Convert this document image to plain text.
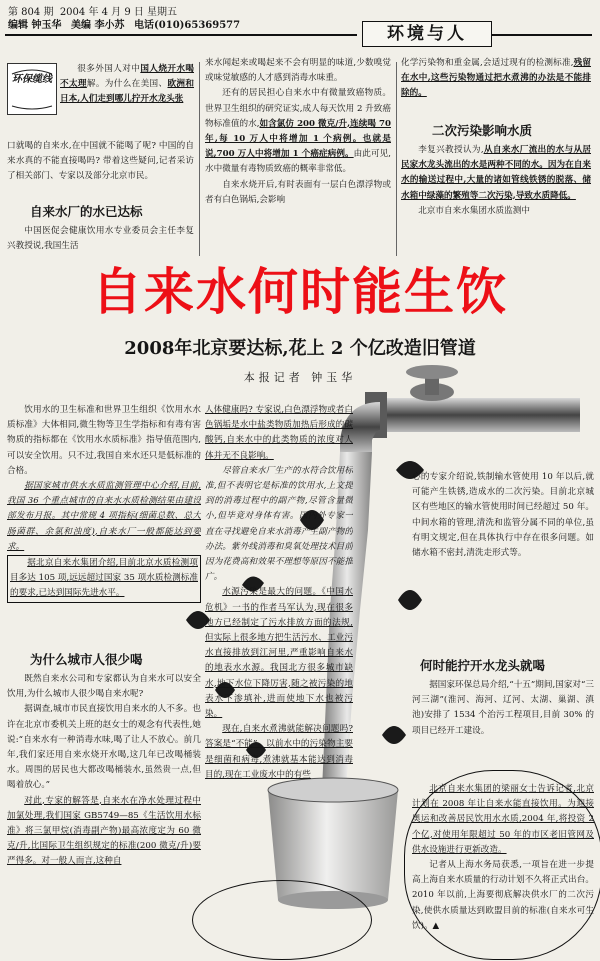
第 804 期 2004 年 4 月 9 日 星期五
编辑 钟玉华 美编 李小苏 电话(010)65369577	环境与人
环保缆线

很多外国人对中国人烧开水喝不太理解。为什么在美国、欧洲和日本,人们走到哪儿拧开水龙头张

口就喝的自来水,在中国就不能喝了呢? 中国的自来水真的不能直接喝吗? 带着这些疑问,记者采访了相关部门、专家以及部分北京市民。

自来水厂的水已达标

中国医促会健康饮用水专业委员会主任李复兴教授说,我国生活

来水闻起来或喝起来不会有明显的味道,少数嗅觉或味觉敏感的人才感到消毒水味重。

还有的居民担心自来水中有微量致癌物质。世界卫生组织的研究证实,成人每天饮用 2 升致癌物标准值的水,如含氯仿 200 微克/升,连续喝 70 年,每 10 万人中将增加 1 个病例。也就是说,700 万人中将增加 1 个癌症病例。由此可见,水中微量有毒物质致癌的概率非常低。

自来水烧开后,有时表面有一层白色漂浮物或者有白色锅垢,会影响

化学污染物和重金属,会适过现有的检测标准,残留在水中,这些污染物通过把水煮沸的办法是不能排除的。

二次污染影响水质

李复兴教授认为,从自来水厂流出的水与从居民家水龙头流出的水是两种不同的水。因为在自来水的输送过程中,大量的诸如管线铁锈的脱落、储水箱中绿藻的繁殖等二次污染,导致水质降低。

北京市自来水集团水质监测中

自来水何时能生饮
2008年北京要达标,花上 2 个亿改造旧管道
本报记者 钟玉华

饮用水的卫生标准和世界卫生组织《饮用水水质标准》大体相同,微生物等卫生学指标和有毒有害物质的指标都在《饮用水水质标准》指导值范围内,可以安全饮用。只不过,我国自来水还只是低标准的合格。

据国家城市供水水质监测管理中心介绍,目前,我国 36 个重点城市的自来水水质检测结果由建设部发布月报。其中常规 4 项指标(细菌总数、总大肠菌群、余氯和浊度),自来水厂一般都能达到要求。

据北京自来水集团介绍,目前北京水质检测项目多达 105 项,远远超过国家 35 项水质检测标准的要求,已达到国际先进水平。

为什么城市人很少喝

既然自来水公司和专家都认为自来水可以安全饮用,为什么城市人很少喝自来水呢?

据调查,城市市民直接饮用自来水的人不多。也许在北京市委机关上班的赵女士的观念有代表性,她说:“自来水有一种消毒水味,喝了让人不放心。前几年,我们家还用自来水烧开水喝,这几年已改喝桶装水。周围的居民也大都改喝桶装水,虽然贵一点,但喝着放心。”

对此,专家的解答是,自来水在净水处理过程中加氯处理,我们国家 GB5749—85《生活饮用水标准》将三氯甲烷(消毒副产物)最高浓度定为 60 微克/升,比国际卫生组织规定的标准(200 微克/升)要严得多。对一般人而言,这种自

人体健康吗? 专家说,白色漂浮物或者白色锅垢是水中盐类物质加热后形成的碳酸钙,自来水中的此类物质的浓度对人体并无不良影响。

尽管自来水厂生产的水符合饮用标准,但不表明它是标准的饮用水,上文提到的消毒过程中的副产物,尽管含量微小,但毕竟对身体有害。国内外专家一直在寻找避免自来水消毒产生副产物的办法。紫外线消毒和臭氧处理技术目前因为花费高和效果不理想等原因不能推广。

水源污染是最大的问题。《中国水危机》一书的作者马军认为,现在很多地方已经制定了污水排放方面的法规,但实际上很多地方把生活污水、工业污水直接排放到江河里,严重影响自来水的地表水水源。我国北方很多城市缺水,地下水位下降厉害,随之被污染的地表水下渗填补,进而使地下水也被污染。

现在,自来水煮沸就能解决问题吗? 答案是“不能”。以前水中的污染物主要是细菌和病毒,煮沸就基本能达到消毒目的,现在工业废水中的有些

心的专家介绍说,铁制输水管使用 10 年以后,就可能产生铁锈,造成水的二次污染。目前北京城区有些地区的输水管使用时间已经超过 50 年。中间水箱的管理,清洗和监管分属不同的单位,虽有明文规定,但在具体执行中存在很多问题。如储水箱不密封,清洗走形式等。

何时能拧开水龙头就喝

据国家环保总局介绍,“十五”期间,国家对“三河三湖”(淮河、海河、辽河、太湖、巢湖、滇池)安排了 1534 个治污工程项目,目前 30% 的项目已经开工建设。

北京自来水集团的梁丽女士告诉记者,北京计划在 2008 年让自来水能直接饮用。为迎接奥运和改善居民饮用水水质,2004 年,将投资 2 个亿,对使用年限超过 50 年的市区老旧管网及供水设施进行更新改造。

记者从上海水务局获悉,一项旨在进一步提高上海自来水质量的行动计划不久将正式出台。2010 年以前,上海要彻底解决供水厂的二次污染,使供水质量达到欧盟目前的标准(自来水可生饮)。▲
